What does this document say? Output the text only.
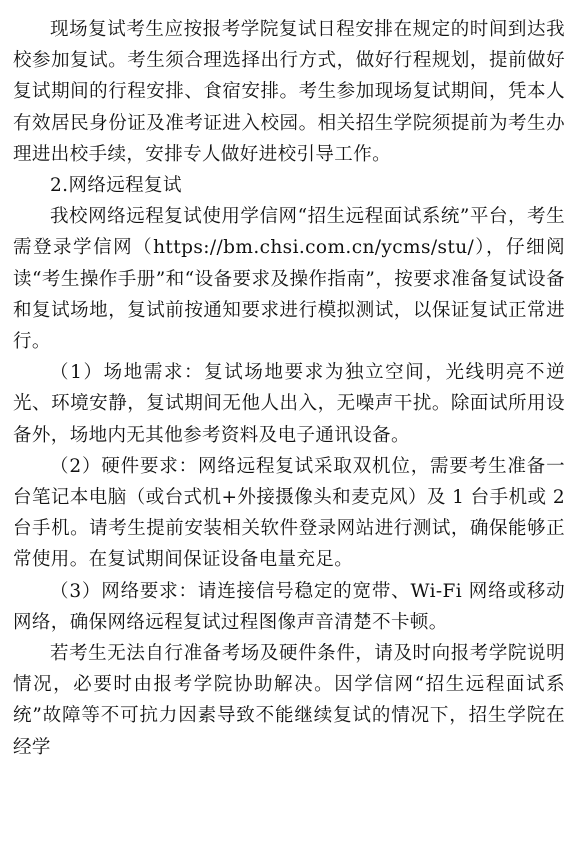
现场复试考生应按报考学院复试日程安排在规定的时间到达我校参加复试。考生须合理选择出行方式，做好行程规划，提前做好复试期间的行程安排、食宿安排。考生参加现场复试期间，凭本人有效居民身份证及准考证进入校园。相关招生学院须提前为考生办理进出校手续，安排专人做好进校引导工作。

2.网络远程复试

我校网络远程复试使用学信网“招生远程面试系统”平台，考生需登录学信网（https://bm.chsi.com.cn/ycms/stu/），仔细阅读“考生操作手册”和“设备要求及操作指南”，按要求准备复试设备和复试场地，复试前按通知要求进行模拟测试，以保证复试正常进行。

（1）场地需求：复试场地要求为独立空间，光线明亮不逆光、环境安静，复试期间无他人出入，无噪声干扰。除面试所用设备外，场地内无其他参考资料及电子通讯设备。

（2）硬件要求：网络远程复试采取双机位，需要考生准备一台笔记本电脑（或台式机+外接摄像头和麦克风）及 1 台手机或 2 台手机。请考生提前安装相关软件登录网站进行测试，确保能够正常使用。在复试期间保证设备电量充足。

（3）网络要求：请连接信号稳定的宽带、Wi-Fi 网络或移动网络，确保网络远程复试过程图像声音清楚不卡顿。

若考生无法自行准备考场及硬件条件，请及时向报考学院说明情况，必要时由报考学院协助解决。因学信网“招生远程面试系统”故障等不可抗力因素导致不能继续复试的情况下，招生学院在经学
